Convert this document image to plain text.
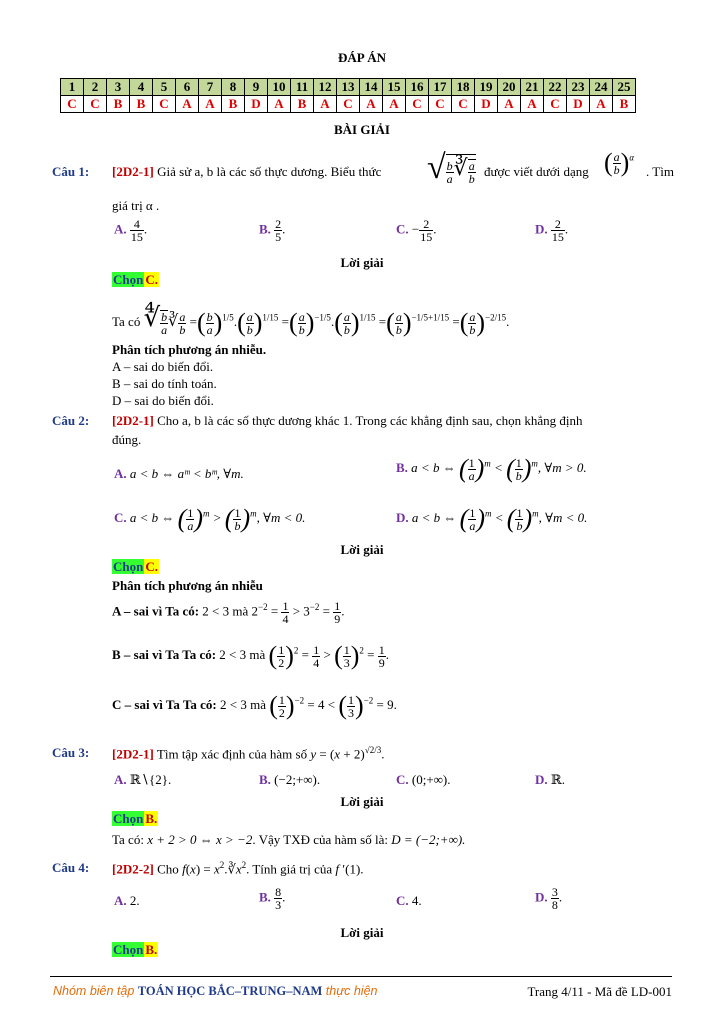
ĐÁP ÁN
1	2	3	4	5	6	7	8	9	10	11	12	13	14	15	16	17	18	19	20	21	22	23	24	25
C	C	B	B	C	A	A	B	D	A	B	A	C	A	A	C	C	C	D	A	A	C	D	A	B
BÀI GIẢI
Câu 1: [2D2-1] Giả sử a, b là các số thực dương. Biểu thức √ $\frac{b}{a}$ ∛ $\frac{a}{b}$ được viết dưới dạng ( $\frac{a}{b} )^\alpha$
. Tìm
giá trị α .
A. $\frac{4}{15}$ .	B. $\frac{2}{5}$ .	C. − $\frac{2}{15}$ .	D. $\frac{2}{15}$ .
Lời giải
Chọn C.
Ta có ∜ $\frac{b}{a}$ ∛ $\frac{a}{b}$ =( $\frac{b}{a} )^{1/5}.( \frac{a}{b} )^{1/15}$ =( $\frac{a}{b} )^{-1/5}.( \frac{a}{b} )^{1/15}$ =( $\frac{a}{b} )^{-1/5+1/15}$ =( $\frac{a}{b} )^{-2/15}$.
Phân tích phương án nhiễu.
A – sai do biến đổi.
B – sai do tính toán.
D – sai do biến đổi.
Câu 2: [2D2-1] Cho a, b là các số thực dương khác 1. Trong các khẳng định sau, chọn khẳng định
đúng.
A. a < b ⇔ aᵐ < bᵐ, ∀m.	B. a < b ⇔ ( $\frac{1}{a} )^m$ < ( $\frac{1}{b} )^m$, ∀m > 0.
C. a < b ⇔ ( $\frac{1}{a} )^m$ > ( $\frac{1}{b} )^m$, ∀m < 0.	D. a < b ⇔ ( $\frac{1}{a} )^m$ < ( $\frac{1}{b} )^m$, ∀m < 0.
Lời giải
Chọn C.
Phân tích phương án nhiễu
A – sai vì Ta có: 2 < 3 mà $2^{-2} = \frac{1}{4} > 3^{-2} = \frac{1}{9}$ .
B – sai vì Ta Ta có: 2 < 3 mà ( $\frac{1}{2} )^2 = \frac{1}{4}$ > ( $\frac{1}{3} )^2 = \frac{1}{9}$ .
C – sai vì Ta Ta có: 2 < 3 mà ( $\frac{1}{2} )^{-2} = 4$ < ( $\frac{1}{3} )^{-2} = 9$.
Câu 3: [2D2-1] Tìm tập xác định của hàm số $y = (x + 2)^{√2/3}$.
A. ℝ∖{2}.	B. (−2;+∞).	C. (0;+∞).	D. ℝ.
Lời giải
Chọn B.
Ta có: x + 2 > 0 ⇔ x > −2. Vậy TXĐ của hàm số là: D = (−2;+∞).
Câu 4: [2D2-2] Cho $f(x) = x^2.∛x^2$. Tính giá trị của f ′(1).
A. 2.	B. $\frac{8}{3}$ .	C. 4.	D. $\frac{3}{8}$ .
Lời giải
Chọn B.
Nhóm biên tập TOÁN HỌC BẮC–TRUNG–NAM thực hiện	Trang 4/11 - Mã đề LD-001
